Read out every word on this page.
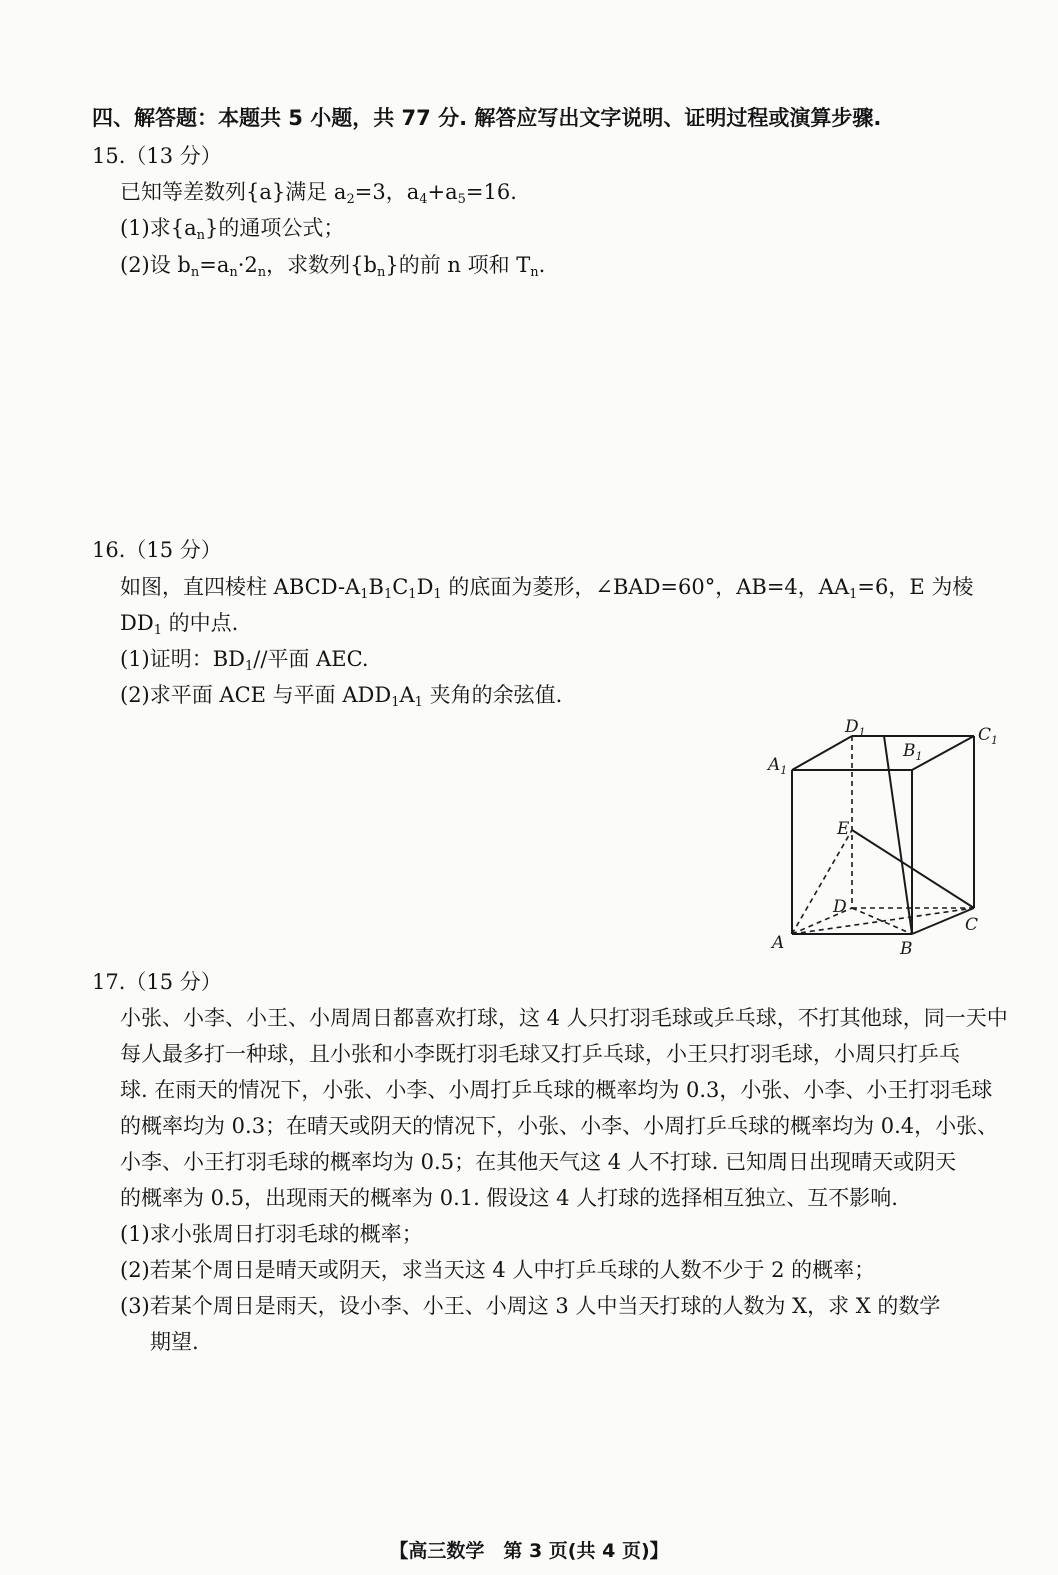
四、解答题：本题共 5 小题，共 77 分. 解答应写出文字说明、证明过程或演算步骤.
15.（13 分）
已知等差数列{a}满足 $a_2=3$，$a_4+a_5=16$.
(1)求$\{a_n\}$的通项公式；
(2)设 $b_n=a_n\cdot 2_n$，求数列$\{b_n\}$的前 n 项和 $T_n$.
16.（15 分）
如图，直四棱柱 ABCD-$A_1B_1C_1D_1$ 的底面为菱形，∠BAD=60°，AB=4，$AA_1=6$，E 为棱
$DD_1$ 的中点.
(1)证明：$BD_1//$平面 AEC.
(2)求平面 ACE 与平面 $ADD_1A_1$ 夹角的余弦值.
$D_1$	$C_1$
$B_1$
$A_1$
E
D
C
A	B
17.（15 分）
小张、小李、小王、小周周日都喜欢打球，这 4 人只打羽毛球或乒乓球，不打其他球，同一天中
每人最多打一种球，且小张和小李既打羽毛球又打乒乓球，小王只打羽毛球，小周只打乒乓
球. 在雨天的情况下，小张、小李、小周打乒乓球的概率均为 0.3，小张、小李、小王打羽毛球
的概率均为 0.3；在晴天或阴天的情况下，小张、小李、小周打乒乓球的概率均为 0.4，小张、
小李、小王打羽毛球的概率均为 0.5；在其他天气这 4 人不打球. 已知周日出现晴天或阴天
的概率为 0.5，出现雨天的概率为 0.1. 假设这 4 人打球的选择相互独立、互不影响.
(1)求小张周日打羽毛球的概率；
(2)若某个周日是晴天或阴天，求当天这 4 人中打乒乓球的人数不少于 2 的概率；
(3)若某个周日是雨天，设小李、小王、小周这 3 人中当天打球的人数为 X，求 X 的数学
期望.
【高三数学　第 3 页(共 4 页)】
